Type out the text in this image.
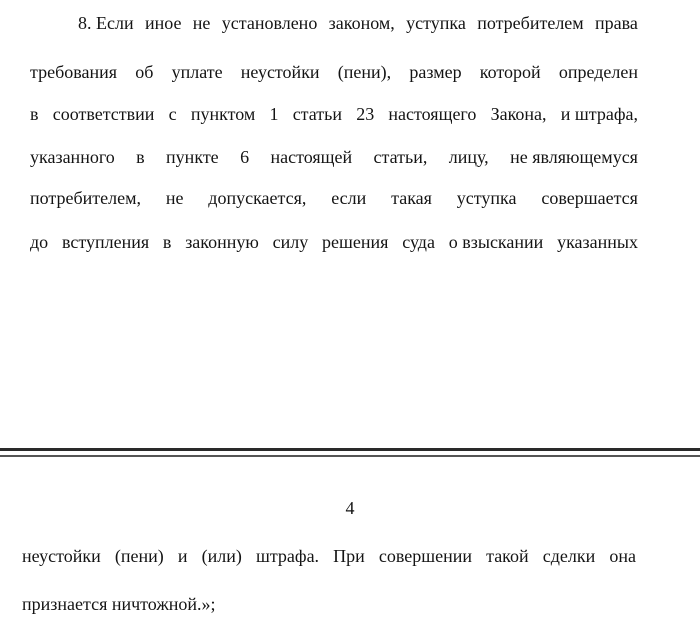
8. Если иное не установлено законом, уступка потребителем права
требования об уплате неустойки (пени), размер которой определен
в соответствии с пунктом 1 статьи 23 настоящего Закона, и штрафа,
указанного в пункте 6 настоящей статьи, лицу, не являющемуся
потребителем, не допускается, если такая уступка совершается
до вступления в законную силу решения суда о взыскании указанных
4
неустойки (пени) и (или) штрафа. При совершении такой сделки она
признается ничтожной.»;
